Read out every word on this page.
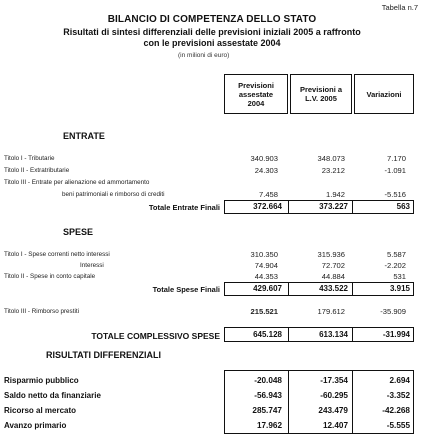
Tabella n.7
BILANCIO DI COMPETENZA DELLO STATO
Risultati di sintesi differenziali delle previsioni iniziali 2005 a raffronto
con le previsioni assestate 2004
(in milioni di euro)
Previsioni
assestate
2004
Previsioni a
L.V. 2005	Variazioni
ENTRATE
Titolo I - Tributarie	340.903	348.073	7.170
Titolo II - Extratributarie	24.303	23.212	-1.091
Titolo III - Entrate per alienazione ed ammortamento
beni patrimoniali e rimborso di crediti	7.458	1.942	-5.516
Totale Entrate Finali	372.664	373.227	563
SPESE
Titolo I - Spese correnti netto interessi	310.350	315.936	5.587
Interessi	74.904	72.702	-2.202
Titolo II - Spese in conto capitale	44.353	44.884	531
Totale Spese Finali	429.607	433.522	3.915
Titolo III - Rimborso prestiti	215.521	179.612	-35.909
TOTALE COMPLESSIVO SPESE	645.128	613.134	-31.994
RISULTATI DIFFERENZIALI
Risparmio pubblico	-20.048	-17.354	2.694
Saldo netto da finanziarie	-56.943	-60.295	-3.352
Ricorso al mercato	285.747	243.479	-42.268
Avanzo primario	17.962	12.407	-5.555
